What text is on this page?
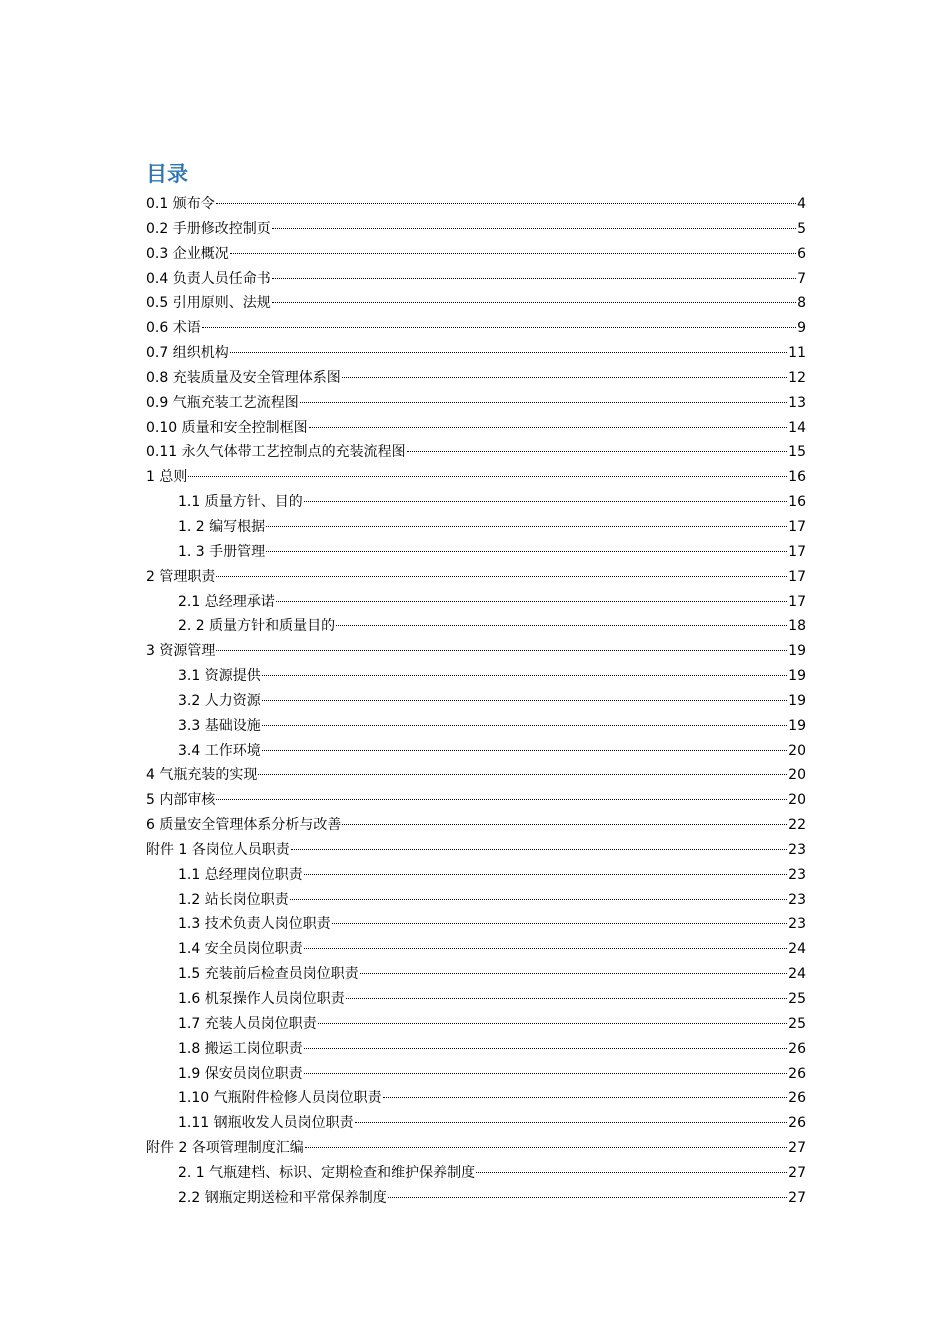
目录
0.1 颁布令	4
0.2 手册修改控制页	5
0.3 企业概况	6
0.4 负责人员任命书	7
0.5 引用原则、法规	8
0.6 术语	9
0.7 组织机构	11
0.8 充装质量及安全管理体系图	12
0.9 气瓶充装工艺流程图	13
0.10 质量和安全控制框图	14
0.11 永久气体带工艺控制点的充装流程图	15
1 总则	16
1.1 质量方针、目的	16
1. 2 编写根据	17
1. 3 手册管理	17
2 管理职责	17
2.1 总经理承诺	17
2. 2 质量方针和质量目的	18
3 资源管理	19
3.1 资源提供	19
3.2 人力资源	19
3.3 基础设施	19
3.4 工作环境	20
4 气瓶充装的实现	20
5 内部审核	20
6 质量安全管理体系分析与改善	22
附件 1 各岗位人员职责	23
1.1 总经理岗位职责	23
1.2 站长岗位职责	23
1.3 技术负责人岗位职责	23
1.4 安全员岗位职责	24
1.5 充装前后检查员岗位职责	24
1.6 机泵操作人员岗位职责	25
1.7 充装人员岗位职责	25
1.8 搬运工岗位职责	26
1.9 保安员岗位职责	26
1.10 气瓶附件检修人员岗位职责	26
1.11 钢瓶收发人员岗位职责	26
附件 2 各项管理制度汇编	27
2. 1 气瓶建档、标识、定期检查和维护保养制度	27
2.2 钢瓶定期送检和平常保养制度	27
